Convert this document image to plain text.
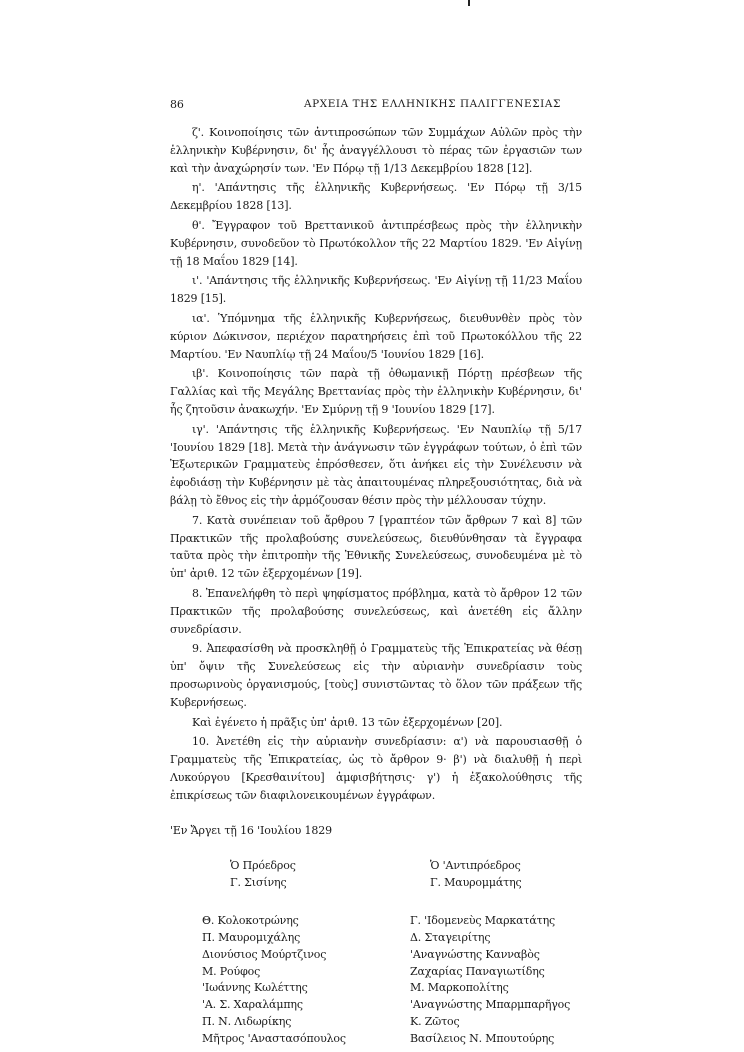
86	ΑΡΧΕΙΑ ΤΗΣ ΕΛΛΗΝΙΚΗΣ ΠΑΛΙΓΓΕΝΕΣΙΑΣ

ζ'. Κοινοποίησις τῶν ἀντιπροσώπων τῶν Συμμάχων Αὐλῶν πρὸς τὴν ἑλληνικὴν Κυβέρνησιν, δι' ἧς ἀναγγέλλουσι τὸ πέρας τῶν ἐργασιῶν των καὶ τὴν ἀναχώρησίν των. 'Εν Πόρῳ τῇ 1/13 Δεκεμβρίου 1828 [12].

η'. 'Απάντησις τῆς ἑλληνικῆς Κυβερνήσεως. 'Εν Πόρῳ τῇ 3/15 Δεκεμβρίου 1828 [13].

θ'. Ἔγγραφον τοῦ Βρεττανικοῦ ἀντιπρέσβεως πρὸς τὴν ἑλληνικὴν Κυβέρνησιν, συνοδεῦον τὸ Πρωτόκολλον τῆς 22 Μαρτίου 1829. 'Εν Αἰγίνῃ τῇ 18 Μαΐου 1829 [14].

ι'. 'Απάντησις τῆς ἑλληνικῆς Κυβερνήσεως. 'Εν Αἰγίνῃ τῇ 11/23 Μαΐου 1829 [15].

ια'. Ὑπόμνημα τῆς ἑλληνικῆς Κυβερνήσεως, διευθυνθὲν πρὸς τὸν κύριον Δώκινσον, περιέχον παρατηρήσεις ἐπὶ τοῦ Πρωτοκόλλου τῆς 22 Μαρτίου. 'Εν Ναυπλίῳ τῇ 24 Μαΐου/5 'Ιουνίου 1829 [16].

ιβ'. Κοινοποίησις τῶν παρὰ τῇ ὀθωμανικῇ Πόρτῃ πρέσβεων τῆς Γαλλίας καὶ τῆς Μεγάλης Βρεττανίας πρὸς τὴν ἑλληνικὴν Κυβέρνησιν, δι' ἧς ζητοῦσιν ἀνακωχήν. 'Εν Σμύρνῃ τῇ 9 'Ιουνίου 1829 [17].

ιγ'. 'Απάντησις τῆς ἑλληνικῆς Κυβερνήσεως. 'Εν Ναυπλίῳ τῇ 5/17 'Ιουνίου 1829 [18]. Μετὰ τὴν ἀνάγνωσιν τῶν ἐγγράφων τούτων, ὁ ἐπὶ τῶν Ἐξωτερικῶν Γραμματεὺς ἐπρόσθεσεν, ὅτι ἀνήκει εἰς τὴν Συνέλευσιν νὰ ἐφοδιάσῃ τὴν Κυβέρνησιν μὲ τὰς ἀπαιτουμένας πληρεξουσιότητας, διὰ νὰ βάλῃ τὸ ἔθνος εἰς τὴν ἁρμόζουσαν θέσιν πρὸς τὴν μέλλουσαν τύχην.

7. Κατὰ συνέπειαν τοῦ ἄρθρου 7 [γραπτέον τῶν ἄρθρων 7 καὶ 8] τῶν Πρακτικῶν τῆς προλαβούσης συνελεύσεως, διευθύνθησαν τὰ ἔγγραφα ταῦτα πρὸς τὴν ἐπιτροπὴν τῆς Ἐθνικῆς Συνελεύσεως, συνοδευμένα μὲ τὸ ὑπ' ἀριθ. 12 τῶν ἐξερχομένων [19].

8. Ἐπανελήφθη τὸ περὶ ψηφίσματος πρόβλημα, κατὰ τὸ ἄρθρον 12 τῶν Πρακτικῶν τῆς προλαβούσης συνελεύσεως, καὶ ἀνετέθη εἰς ἄλλην συνεδρίασιν.

9. Ἀπεφασίσθη νὰ προσκληθῇ ὁ Γραμματεὺς τῆς Ἐπικρατείας νὰ θέσῃ ὑπ' ὄψιν τῆς Συνελεύσεως εἰς τὴν αὐριανὴν συνεδρίασιν τοὺς προσωρινοὺς ὀργανισμούς, [τοὺς] συνιστῶντας τὸ ὅλον τῶν πράξεων τῆς Κυβερνήσεως.

Καὶ ἐγένετο ἡ πρᾶξις ὑπ' ἀριθ. 13 τῶν ἐξερχομένων [20].

10. Ἀνετέθη εἰς τὴν αὐριανὴν συνεδρίασιν: α') νὰ παρουσιασθῇ ὁ Γραμματεὺς τῆς Ἐπικρατείας, ὡς τὸ ἄρθρον 9· β') νὰ διαλυθῇ ἡ περὶ Λυκούργου [Κρεσθαινίτου] ἀμφισβήτησις· γ') ἡ ἐξακολούθησις τῆς ἐπικρίσεως τῶν διαφιλονεικουμένων ἐγγράφων.

'Εν Ἄργει τῇ 16 'Ιουλίου 1829

Ὁ Πρόεδρος
Γ. Σισίνης
Ὁ 'Αντιπρόεδρος
Γ. Μαυρομμάτης
Θ. Κολοκοτρώνης
Π. Μαυρομιχάλης
Διονύσιος Μούρτζινος
Μ. Ρούφος
'Ιωάννης Κωλέττης
'Α. Σ. Χαραλάμπης
Π. Ν. Λιδωρίκης
Μῆτρος 'Αναστασόπουλος
Γ. 'Ιδομενεὺς Μαρκατάτης
Δ. Σταγειρίτης
'Αναγνώστης Κανναβὸς
Ζαχαρίας Παναγιωτίδης
Μ. Μαρκοπολίτης
'Αναγνώστης Μπαρμπαρῆγος
Κ. Ζῶτος
Βασίλειος Ν. Μπουτούρης
